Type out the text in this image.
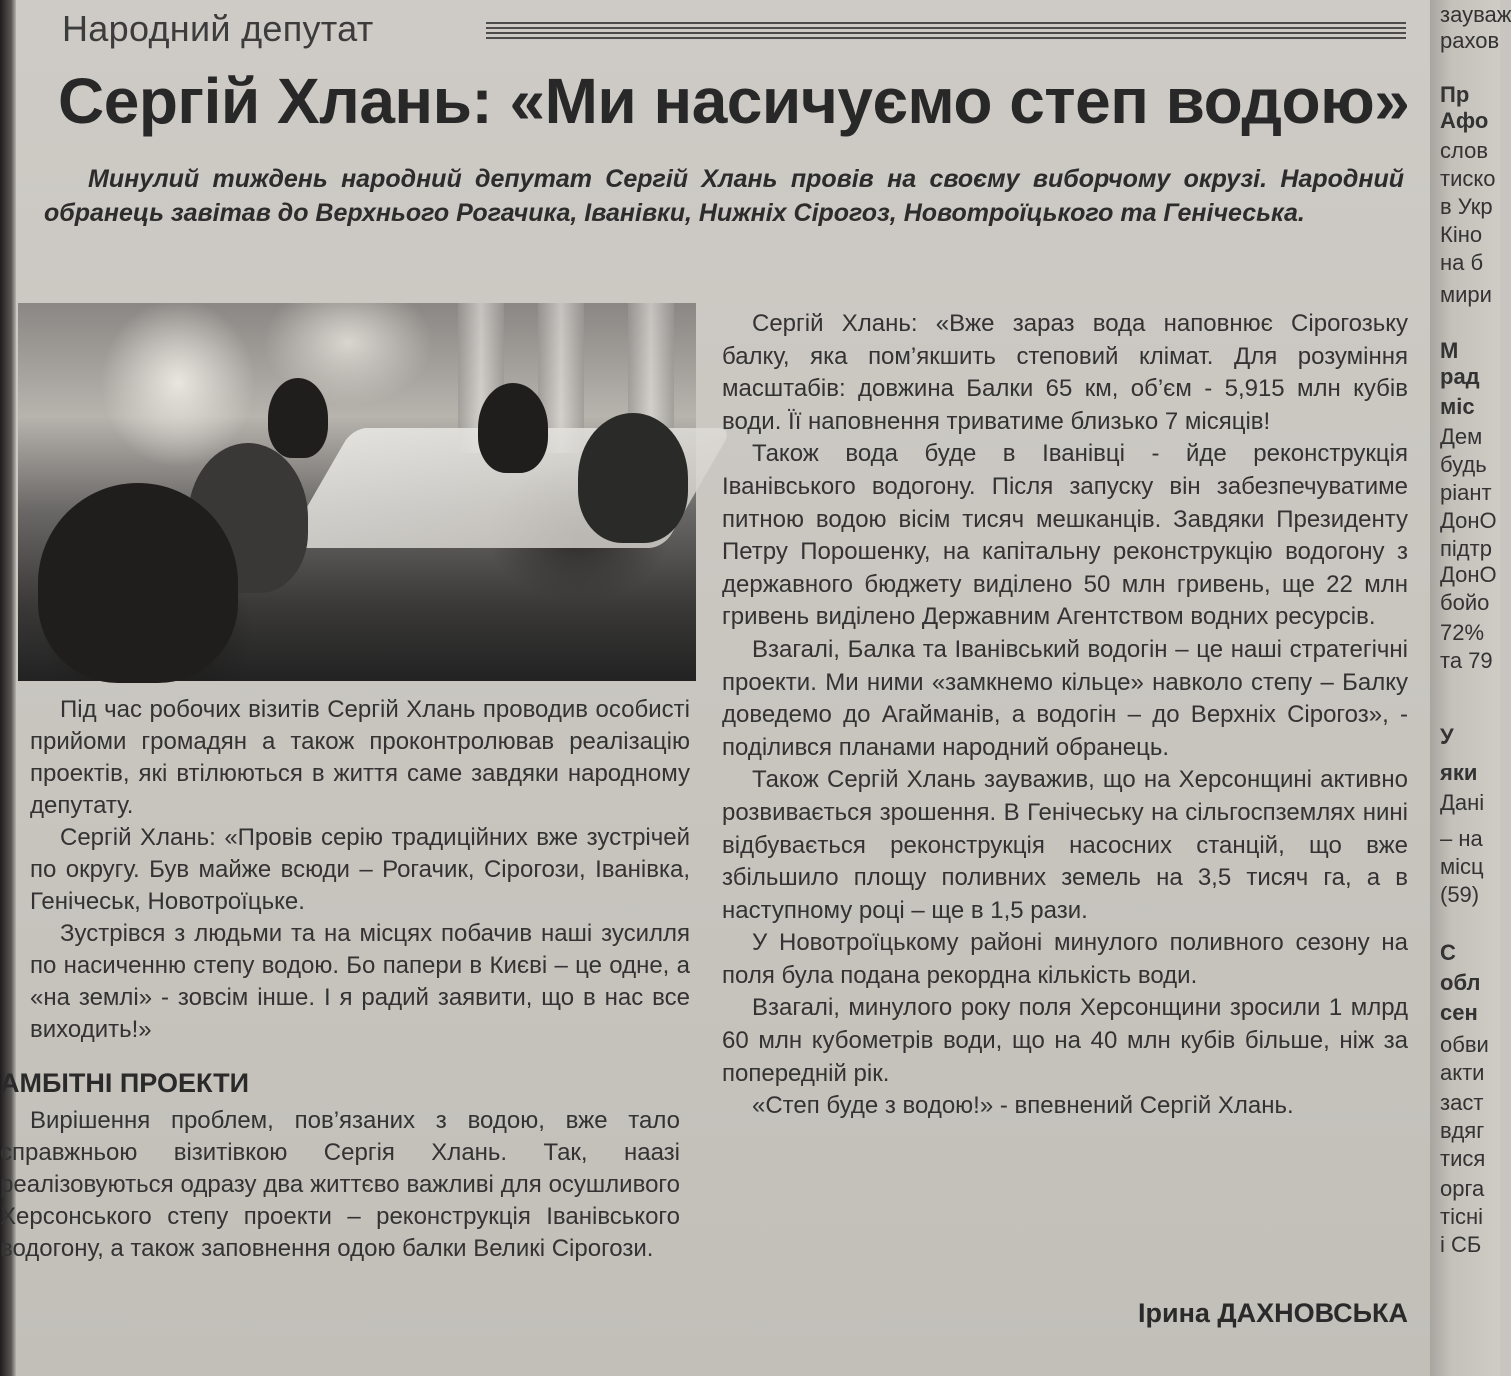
Народний депутат
Сергій Хлань: «Ми насичуємо степ водою»

Минулий тиждень народний депутат Сергій Хлань провів на своєму виборчому окрузі. Народний обранець завітав до Верхнього Рогачика, Іванівки, Нижніх Сірогоз, Новотроїцького та Генічеська.

Під час робочих візитів Сергій Хлань проводив особисті прийоми громадян а також проконтролював реалізацію проектів, які втілюються в життя саме завдяки народному депутату.

Сергій Хлань: «Провів серію традиційних вже зустрічей по округу. Був майже всюди – Рогачик, Сірогози, Іванівка, Генічеськ, Новотроїцьке.

Зустрівся з людьми та на місцях побачив наші зусилля по насиченню степу водою. Бо папери в Києві – це одне, а «на землі» - зовсім інше. І я радий заявити, що в нас все виходить!»

АМБІТНІ ПРОЕКТИ

Вирішення проблем, пов’язаних з водою, вже тало справжньою візитівкою Сергія Хлань. Так, наазі реалізовуються одразу два життєво важливі для осушливого Херсонського степу проекти – реконструкція Іванівського водогону, а також заповнення одою балки Великі Сірогози.

Сергій Хлань: «Вже зараз вода наповнює Сірогозьку балку, яка пом’якшить степовий клімат. Для розуміння масштабів: довжина Балки 65 км, об’єм - 5,915 млн кубів води. Її наповнення триватиме близько 7 місяців!

Також вода буде в Іванівці - йде реконструкція Іванівського водогону. Після запуску він забезпечуватиме питною водою вісім тисяч мешканців. Завдяки Президенту Петру Порошенку, на капітальну реконструкцію водогону з державного бюджету виділено 50 млн гривень, ще 22 млн гривень виділено Державним Агентством водних ресурсів.

Взагалі, Балка та Іванівський водогін – це наші стратегічні проекти. Ми ними «замкнемо кільце» навколо степу – Балку доведемо до Агайманів, а водогін – до Верхніх Сірогоз», - поділився планами народний обранець.

Також Сергій Хлань зауважив, що на Херсонщині активно розвивається зрошення. В Генічеську на сільгоспземлях нині відбувається реконструкція насосних станцій, що вже збільшило площу поливних земель на 3,5 тисяч га, а в наступному році – ще в 1,5 рази.

У Новотроїцькому районі минулого поливного сезону на поля була подана рекордна кількість води.

Взагалі, минулого року поля Херсонщини зросили 1 млрд 60 млн кубометрів води, що на 40 млн кубів більше, ніж за попередній рік.

«Степ буде з водою!» - впевнений Сергій Хлань.

Ірина ДАХНОВСЬКА
зауваж
рахов
Пр
Афо
слов
тиско
в Укр
Кіно
на б
мири
М
рад
міс
Дем
будь
ріант
ДонО
підтр
ДонО
бойо
72%
та 79
У
яки
Дані
– на
місц
(59)
С
обл
сен
обви
акти
заст
вдяг
тися
орга
тісні
і СБ
